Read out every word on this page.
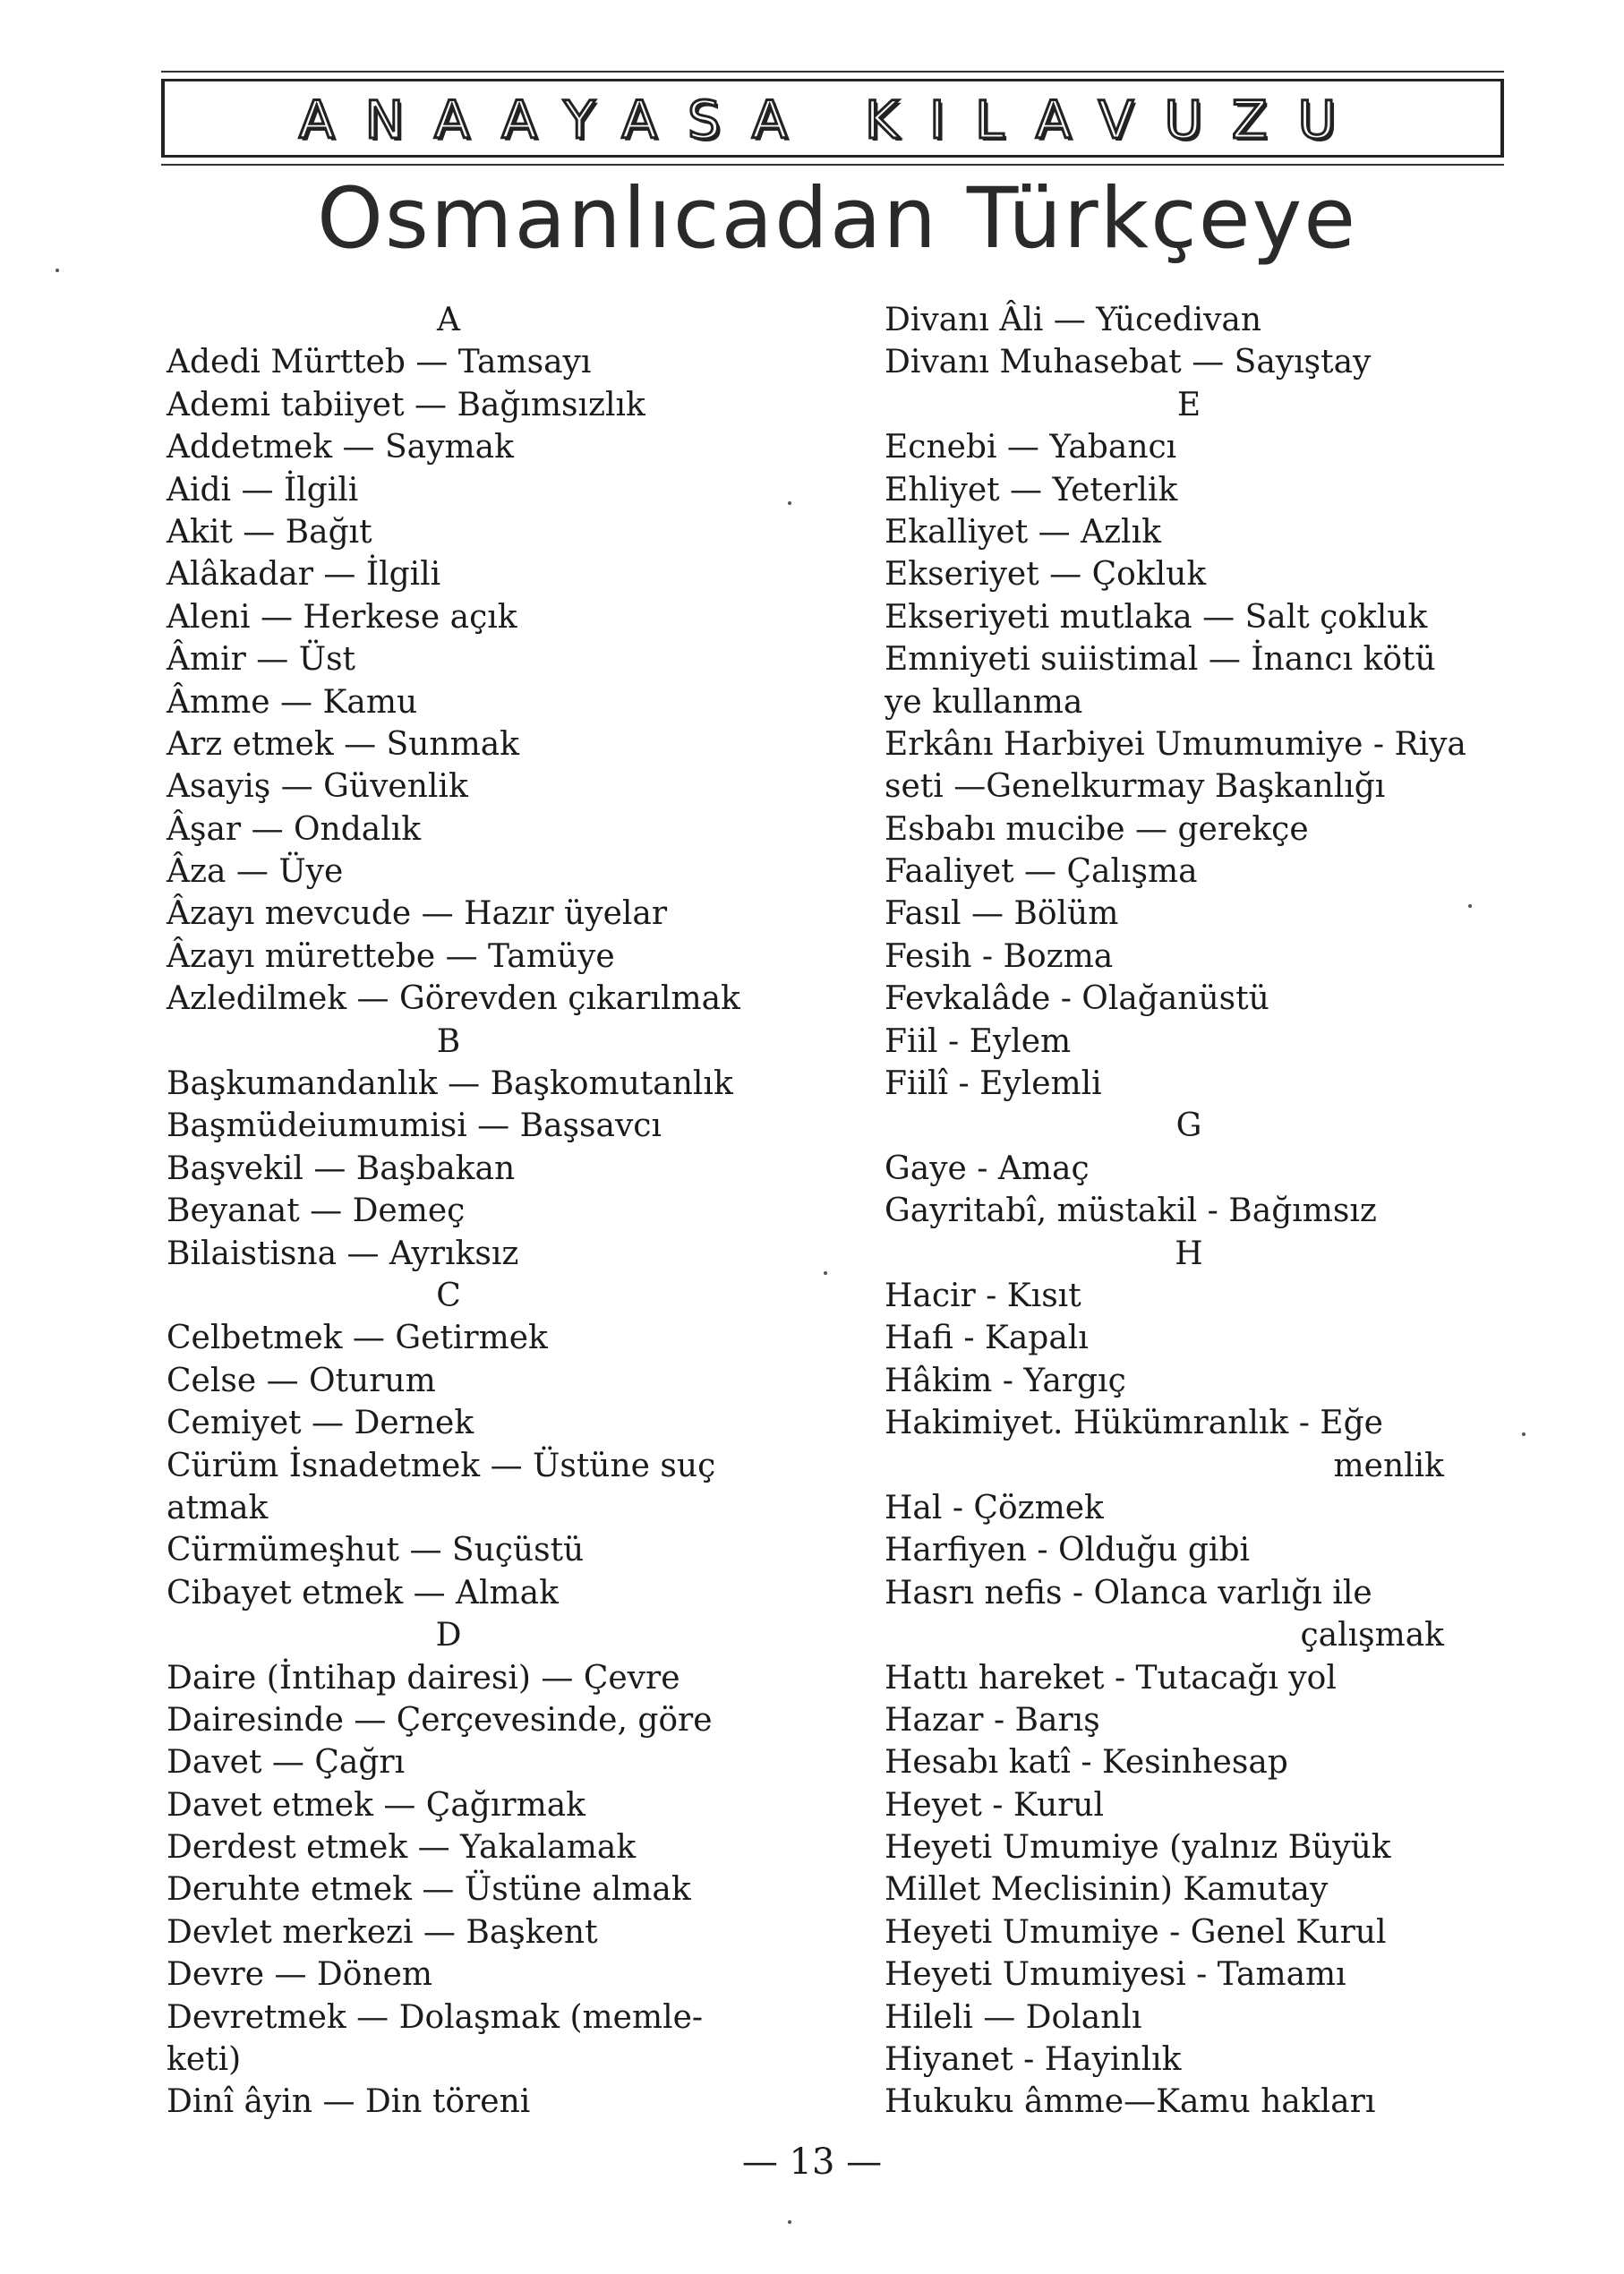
ANAAYASA KILAVUZU
Osmanlıcadan Türkçeye
A
Adedi Mürtteb — Tamsayı
Ademi tabiiyet — Bağımsızlık
Addetmek — Saymak
Aidi — İlgili
Akit — Bağıt
Alâkadar — İlgili
Aleni — Herkese açık
Âmir — Üst
Âmme — Kamu
Arz etmek — Sunmak
Asayiş — Güvenlik
Âşar — Ondalık
Âza — Üye
Âzayı mevcude — Hazır üyelar
Âzayı mürettebe — Tamüye
Azledilmek — Görevden çıkarılmak
B
Başkumandanlık — Başkomutanlık
Başmüdeiumumisi — Başsavcı
Başvekil — Başbakan
Beyanat — Demeç
Bilaistisna — Ayrıksız
C
Celbetmek — Getirmek
Celse — Oturum
Cemiyet — Dernek
Cürüm İsnadetmek — Üstüne suç
atmak
Cürmümeşhut — Suçüstü
Cibayet etmek — Almak
D
Daire (İntihap dairesi) — Çevre
Dairesinde — Çerçevesinde, göre
Davet — Çağrı
Davet etmek — Çağırmak
Derdest etmek — Yakalamak
Deruhte etmek — Üstüne almak
Devlet merkezi — Başkent
Devre — Dönem
Devretmek — Dolaşmak (memle-
keti)
Dinî âyin — Din töreni
Divanı Âli — Yücedivan
Divanı Muhasebat — Sayıştay
E
Ecnebi — Yabancı
Ehliyet — Yeterlik
Ekalliyet — Azlık
Ekseriyet — Çokluk
Ekseriyeti mutlaka — Salt çokluk
Emniyeti suiistimal — İnancı kötü
ye kullanma
Erkânı Harbiyei Umumumiye - Riya
seti —Genelkurmay Başkanlığı
Esbabı mucibe — gerekçe
Faaliyet — Çalışma
Fasıl — Bölüm
Fesih - Bozma
Fevkalâde - Olağanüstü
Fiil - Eylem
Fiilî - Eylemli
G
Gaye - Amaç
Gayritabî, müstakil - Bağımsız
H
Hacir - Kısıt
Hafi - Kapalı
Hâkim - Yargıç
Hakimiyet. Hükümranlık - Eğe
menlik
Hal - Çözmek
Harfiyen - Olduğu gibi
Hasrı nefis - Olanca varlığı ile
çalışmak
Hattı hareket - Tutacağı yol
Hazar - Barış
Hesabı katî - Kesinhesap
Heyet - Kurul
Heyeti Umumiye (yalnız Büyük
Millet Meclisinin) Kamutay
Heyeti Umumiye - Genel Kurul
Heyeti Umumiyesi - Tamamı
Hileli — Dolanlı
Hiyanet - Hayinlık
Hukuku âmme—Kamu hakları
— 13 —
